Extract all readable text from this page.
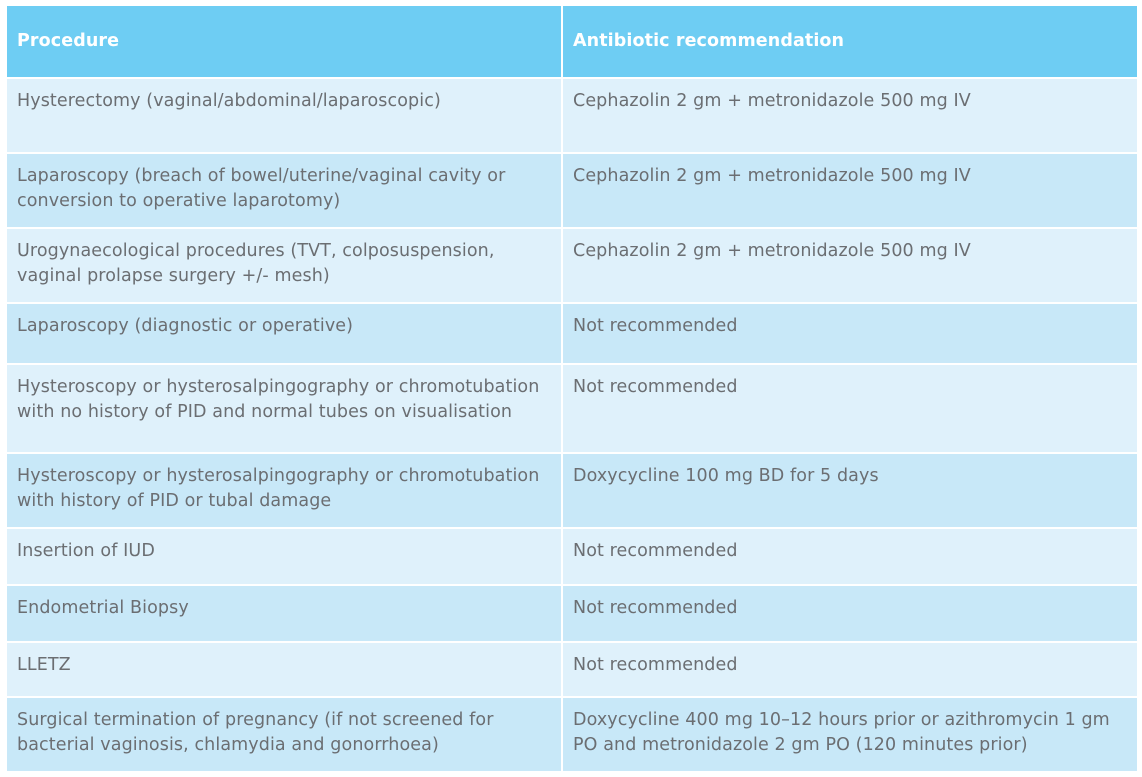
Procedure	Antibiotic recommendation
Hysterectomy (vaginal/abdominal/laparoscopic)	Cephazolin 2 gm + metronidazole 500 mg IV
Laparoscopy (breach of bowel/uterine/vaginal cavity or conversion to operative laparotomy)	Cephazolin 2 gm + metronidazole 500 mg IV
Urogynaecological procedures (TVT, colposuspension, vaginal prolapse surgery +/- mesh)	Cephazolin 2 gm + metronidazole 500 mg IV
Laparoscopy (diagnostic or operative)	Not recommended
Hysteroscopy or hysterosalpingography or chromotubation with no history of PID and normal tubes on visualisation	Not recommended
Hysteroscopy or hysterosalpingography or chromotubation with history of PID or tubal damage	Doxycycline 100 mg BD for 5 days
Insertion of IUD	Not recommended
Endometrial Biopsy	Not recommended
LLETZ	Not recommended
Surgical termination of pregnancy (if not screened for bacterial vaginosis, chlamydia and gonorrhoea)	Doxycycline 400 mg 10–12 hours prior or azithromycin 1 gm PO and metronidazole 2 gm PO (120 minutes prior)
